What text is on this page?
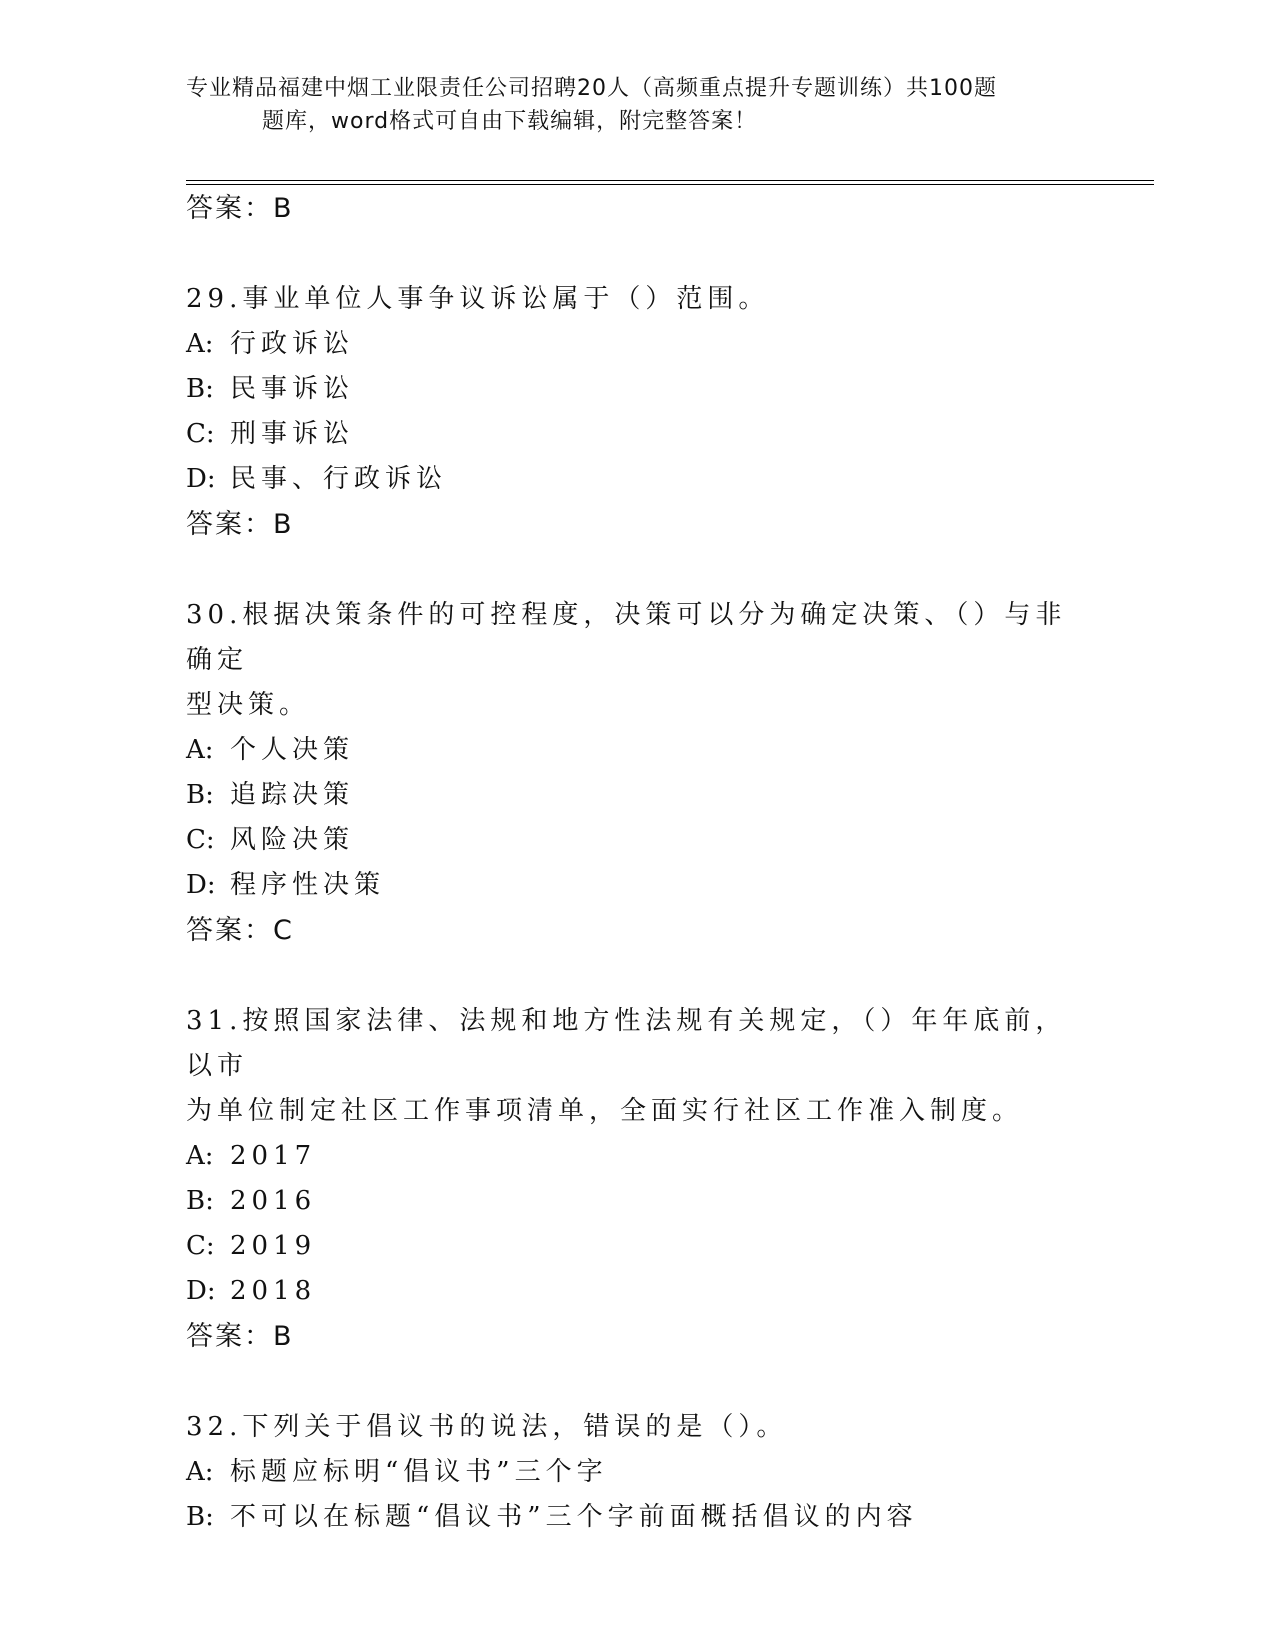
专业精品福建中烟工业限责任公司招聘20人（高频重点提升专题训练）共100题
题库，word格式可自由下载编辑，附完整答案！
答案：B
29.事业单位人事争议诉讼属于（）范围。
A: 行政诉讼
B: 民事诉讼
C: 刑事诉讼
D: 民事、行政诉讼
答案：B
30.根据决策条件的可控程度，决策可以分为确定决策、（）与非确定
型决策。
A: 个人决策
B: 追踪决策
C: 风险决策
D: 程序性决策
答案：C
31.按照国家法律、法规和地方性法规有关规定，（）年年底前，以市
为单位制定社区工作事项清单，全面实行社区工作准入制度。
A: 2017
B: 2016
C: 2019
D: 2018
答案：B
32.下列关于倡议书的说法，错误的是（）。
A: 标题应标明“倡议书”三个字
B: 不可以在标题“倡议书”三个字前面概括倡议的内容
